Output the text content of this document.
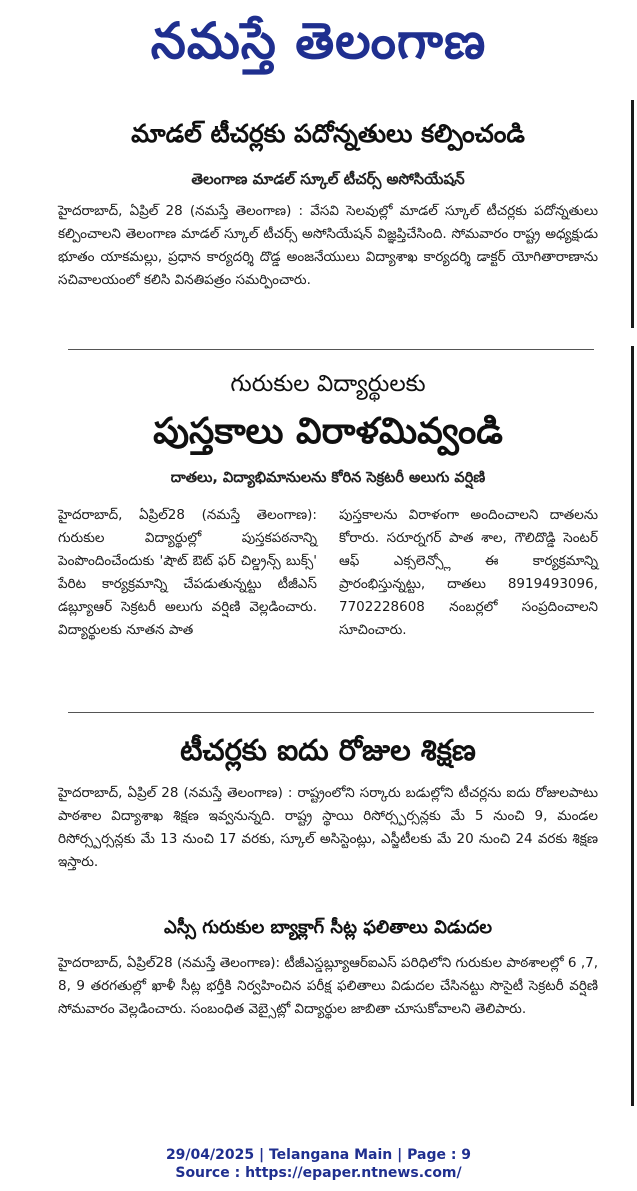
నమస్తే తెలంగాణ
మాడల్ టీచర్లకు పదోన్నతులు కల్పించండి
తెలంగాణ మాడల్ స్కూల్ టీచర్స్ అసోసియేషన్
హైదరాబాద్, ఏప్రిల్ 28 (నమస్తే తెలంగాణ) : వేసవి సెలవుల్లో మాడల్ స్కూల్ టీచర్లకు పదోన్నతులు కల్పించాలని తెలంగాణ మాడల్ స్కూల్ టీచర్స్ అసోసియేషన్ విజ్ఞప్తిచేసింది. సోమవారం రాష్ట్ర అధ్యక్షుడు భూతం యాకమల్లు, ప్రధాన కార్యదర్శి దొడ్డ అంజనేయులు విద్యాశాఖ కార్యదర్శి డాక్టర్ యోగితారాణాను సచివాలయంలో కలిసి వినతిపత్రం సమర్పించారు.
గురుకుల విద్యార్థులకు
పుస్తకాలు విరాళమివ్వండి
దాతలు, విద్యాభిమానులను కోరిన సెక్రటరీ అలుగు వర్షిణి
హైదరాబాద్, ఏప్రిల్28 (నమస్తే తెలంగాణ): గురుకుల విద్యార్థుల్లో పుస్తకపఠనాన్ని పెంపొందించేందుకు 'షౌట్ ఔట్ ఫర్ చిల్డ్రన్స్ బుక్స్' పేరిట కార్యక్రమాన్ని చేపడుతున్నట్టు టీజీఎస్ డబ్ల్యూఆర్ సెక్రటరీ అలుగు వర్షిణి వెల్లడించారు. విద్యార్థులకు నూతన పాత
పుస్తకాలను విరాళంగా అందించాలని దాతలను కోరారు. సరూర్నగర్ పాత శాల, గౌలిదొడ్డి సెంటర్ ఆఫ్ ఎక్సలెన్స్లో ఈ కార్యక్రమాన్ని ప్రారంభిస్తున్నట్టు, దాతలు 8919493096, 7702228608 నంబర్లలో సంప్రదించాలని సూచించారు.
టీచర్లకు ఐదు రోజుల శిక్షణ
హైదరాబాద్, ఏప్రిల్ 28 (నమస్తే తెలంగాణ) : రాష్ట్రంలోని సర్కారు బడుల్లోని టీచర్లను ఐదు రోజులపాటు పాఠశాల విద్యాశాఖ శిక్షణ ఇవ్వనున్నది. రాష్ట్ర స్థాయి రిసోర్స్పర్సన్లకు మే 5 నుంచి 9, మండల రిసోర్స్పర్సన్లకు మే 13 నుంచి 17 వరకు, స్కూల్ అసిస్టెంట్లు, ఎస్జీటీలకు మే 20 నుంచి 24 వరకు శిక్షణ ఇస్తారు.
ఎస్సీ గురుకుల బ్యాక్లాగ్ సీట్ల ఫలితాలు విడుదల
హైదరాబాద్, ఏప్రిల్28 (నమస్తే తెలంగాణ): టీజీఎస్డబ్ల్యూఆర్ఐఎస్ పరిధిలోని గురుకుల పాఠశాలల్లో 6 ,7, 8, 9 తరగతుల్లో ఖాళీ సీట్ల భర్తీకి నిర్వహించిన పరీక్ష ఫలితాలు విడుదల చేసినట్టు సొసైటీ సెక్రటరీ వర్షిణి సోమవారం వెల్లడించారు. సంబంధిత వెబ్సైట్లో విద్యార్థుల జాబితా చూసుకోవాలని తెలిపారు.
29/04/2025 | Telangana Main | Page : 9
Source : https://epaper.ntnews.com/
